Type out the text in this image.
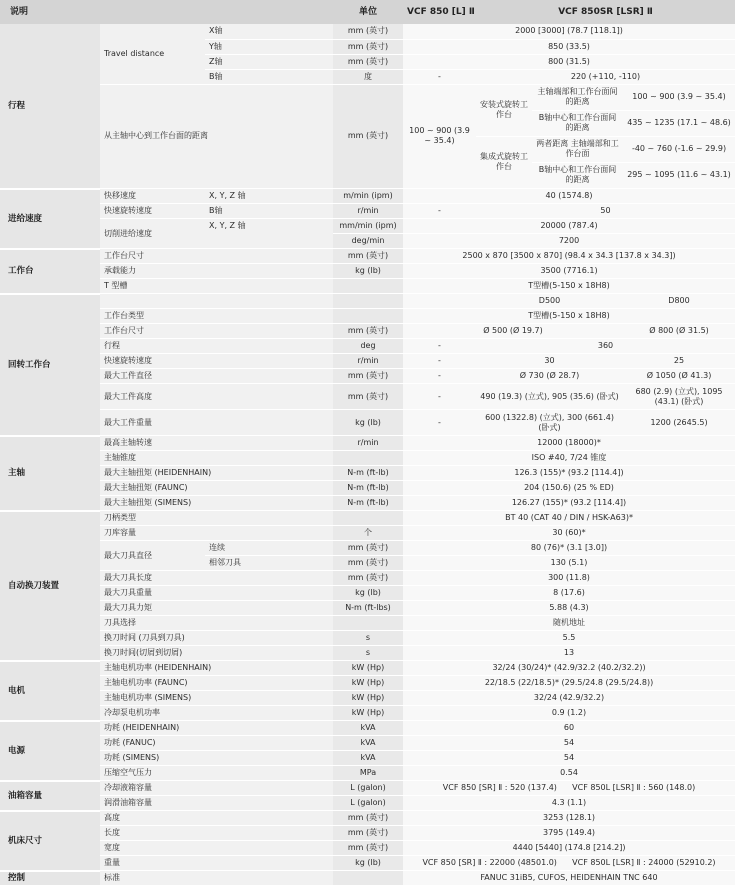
说明			单位	VCF 850 [L] Ⅱ	VCF 850SR [LSR] Ⅱ		
行程	Travel distance	X轴	mm (英寸)	2000 [3000] (78.7 [118.1])			
		Y轴	mm (英寸)	850 (33.5)			
		Z轴	mm (英寸)	800 (31.5)			
		B轴	度	-	220 (+110, -110)		
	从主轴中心到工作台面的距离		mm (英寸)	100 ~ 900 (3.9 ~ 35.4)	安装式旋转工作台	主轴端部和工作台面间的距离	100 ~ 900 (3.9 ~ 35.4)
						B轴中心和工作台面间的距离	435 ~ 1235 (17.1 ~ 48.6)
					集成式旋转工作台	两者距离 主轴端部和工作台面	-40 ~ 760 (-1.6 ~ 29.9)
						B轴中心和工作台面间的距离	295 ~ 1095 (11.6 ~ 43.1)

进给速度	快移速度	X, Y, Z 轴	m/min (ipm)	40 (1574.8)			
	快速旋转速度	B轴	r/min	-	50		
	切削进给速度	X, Y, Z 轴	mm/min (ipm)	20000 (787.4)			
			deg/min	7200			
工作台	工作台尺寸		mm (英寸)	2500 x 870 [3500 x 870] (98.4 x 34.3 [137.8 x 34.3])			
	承载能力		kg (lb)	3500 (7716.1)			
	T 型槽			T型槽(5-150 x 18H8)			
回转工作台					D500		D800
	工作台类型			T型槽(5-150 x 18H8)			
	工作台尺寸		mm (英寸)	Ø 500 (Ø 19.7)			Ø 800 (Ø 31.5)
	行程		deg	-	360		
	快速旋转速度		r/min	-	30		25
	最大工件直径		mm (英寸)	-	Ø 730 (Ø 28.7)		Ø 1050 (Ø 41.3)
	最大工件高度		mm (英寸)	-	490 (19.3) (立式), 905 (35.6) (卧式)		680 (2.9) (立式), 1095 (43.1) (卧式)
	最大工件重量		kg (lb)	-	600 (1322.8) (立式), 300 (661.4) (卧式)		1200 (2645.5)
主轴	最高主轴转速		r/min	12000 (18000)*			
	主轴锥度			ISO #40, 7/24 锥度			
	最大主轴扭矩 (HEIDENHAIN)		N-m (ft-lb)	126.3 (155)* (93.2 [114.4])			
	最大主轴扭矩 (FAUNC)		N-m (ft-lb)	204 (150.6) (25 % ED)			
	最大主轴扭矩 (SIMENS)		N-m (ft-lb)	126.27 (155)* (93.2 [114.4])			
自动换刀装置	刀柄类型			BT 40 (CAT 40 / DIN / HSK-A63)*			
	刀库容量		个	30 (60)*			
	最大刀具直径	连续	mm (英寸)	80 (76)* (3.1 [3.0])			
		相邻刀具	mm (英寸)	130 (5.1)			
	最大刀具长度		mm (英寸)	300 (11.8)			
	最大刀具重量		kg (lb)	8 (17.6)			
	最大刀具力矩		N-m (ft-lbs)	5.88 (4.3)			
	刀具选择			随机地址			
	换刀时间 (刀具到刀具)		s	5.5			
	换刀时间(切屑到切屑)		s	13			
电机	主轴电机功率 (HEIDENHAIN)		kW (Hp)	32/24 (30/24)* (42.9/32.2 (40.2/32.2))			
	主轴电机功率 (FAUNC)		kW (Hp)	22/18.5 (22/18.5)* (29.5/24.8 (29.5/24.8))			
	主轴电机功率 (SIMENS)		kW (Hp)	32/24 (42.9/32.2)			
	冷却泵电机功率		kW (Hp)	0.9 (1.2)			
电源	功耗 (HEIDENHAIN)		kVA	60			
	功耗 (FANUC)		kVA	54			
	功耗 (SIMENS)		kVA	54			
	压缩空气压力		MPa	0.54			
油箱容量	冷却液箱容量		L (galon)	VCF 850 [SR] Ⅱ : 520 (137.4)      VCF 850L [LSR] Ⅱ : 560 (148.0)			
	润滑油箱容量		L (galon)	4.3 (1.1)			
机床尺寸	高度		mm (英寸)	3253 (128.1)			
	长度		mm (英寸)	3795 (149.4)			
	宽度		mm (英寸)	4440 [5440] (174.8 [214.2])			
	重量		kg (lb)	VCF 850 [SR] Ⅱ : 22000 (48501.0)      VCF 850L [LSR] Ⅱ : 24000 (52910.2)			
控制	标准			FANUC 31iB5, CUFOS, HEIDENHAIN TNC 640			
